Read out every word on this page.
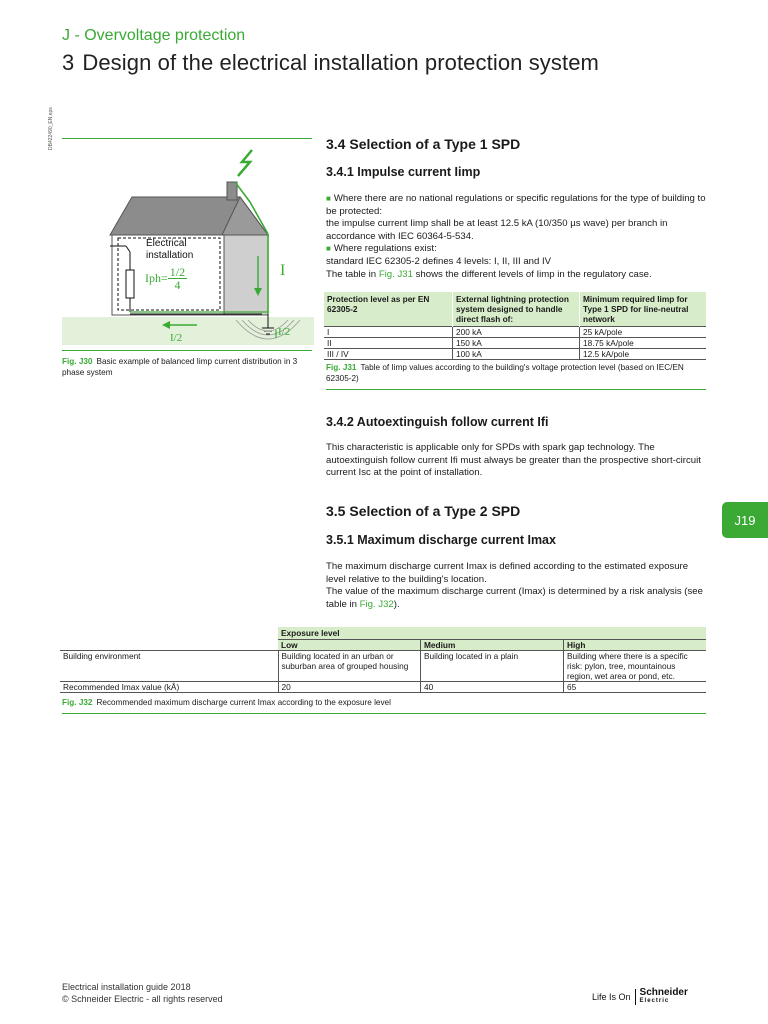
J - Overvoltage protection
3 Design of the electrical installation protection system
DB422490_EN.eps
Electrical
installation
$Iph= \frac{1/2}{4}$	I
I/2	I/2
Fig. J30 Basic example of balanced Iimp current distribution in 3 phase system
3.4 Selection of a Type 1 SPD
3.4.1 Impulse current Iimp

■ Where there are no national regulations or specific regulations for the type of building to be protected:

the impulse current Iimp shall be at least 12.5 kA (10/350 µs wave) per branch in accordance with IEC 60364-5-534.

■ Where regulations exist:

standard IEC 62305-2 defines 4 levels: I, II, III and IV

The table in Fig. J31 shows the different levels of Iimp in the regulatory case.

Protection level as per EN 62305-2	External lightning protection system designed to handle direct flash of:	Minimum required Iimp for Type 1 SPD for line-neutral network
I	200 kA	25 kA/pole
II	150 kA	18.75 kA/pole
III / IV	100 kA	12.5 kA/pole
Fig. J31 Table of Iimp values according to the building's voltage protection level (based on IEC/EN 62305-2)
3.4.2 Autoextinguish follow current Ifi

This characteristic is applicable only for SPDs with spark gap technology. The autoextinguish follow current Ifi must always be greater than the prospective short-circuit current Isc at the point of installation.

3.5 Selection of a Type 2 SPD
3.5.1 Maximum discharge current Imax

The maximum discharge current Imax is defined according to the estimated exposure level relative to the building's location.

The value of the maximum discharge current (Imax) is determined by a risk analysis (see table in Fig. J32).

J19
	Exposure level		
	Low	Medium	High
Building environment	Building located in an urban or suburban area of grouped housing	Building located in a plain	Building where there is a specific risk: pylon, tree, mountainous region, wet area or pond, etc.
Recommended Imax value (kÂ)	20	40	65
Fig. J32 Recommended maximum discharge current Imax according to the exposure level
Electrical installation guide 2018
© Schneider Electric - all rights reserved	Life Is On Schneider
Electric
